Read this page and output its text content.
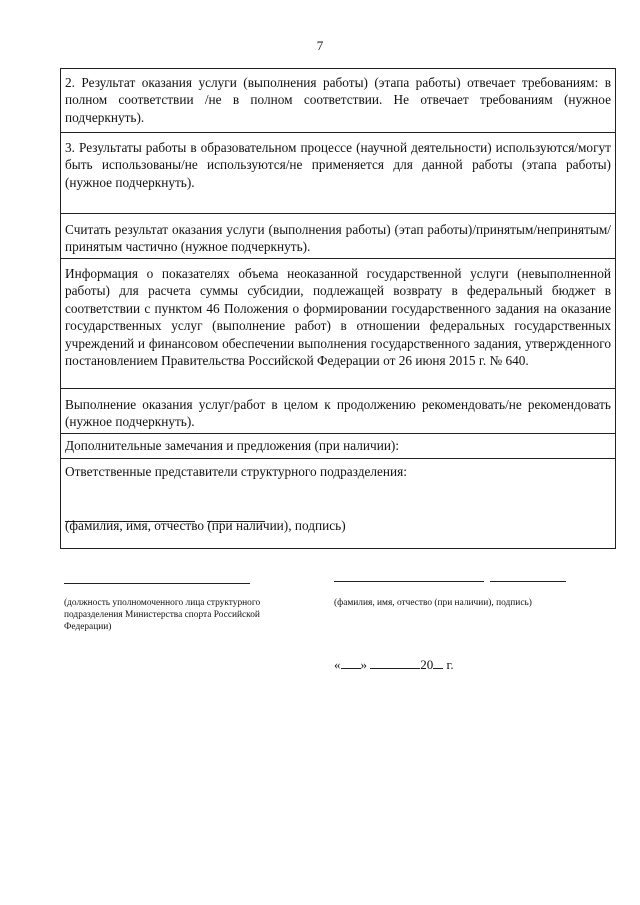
7
2. Результат оказания услуги (выполнения работы) (этапа работы) отвечает требованиям: в полном соответствии /не в полном соответствии. Не отвечает требованиям (нужное подчеркнуть).
3. Результаты работы в образовательном процессе (научной деятельности) используются/могут быть использованы/не используются/не применяется для данной работы (этапа работы) (нужное подчеркнуть).
Считать результат оказания услуги (выполнения работы) (этап работы)/принятым/непринятым/принятым частично (нужное подчеркнуть).
Информация о показателях объема неоказанной государственной услуги (невыполненной работы) для расчета суммы субсидии, подлежащей возврату в федеральный бюджет в соответствии с пунктом 46 Положения о формировании государственного задания на оказание государственных услуг (выполнение работ) в отношении федеральных государственных учреждений и финансовом обеспечении выполнения государственного задания, утвержденного постановлением Правительства Российской Федерации от 26 июня 2015 г. № 640.
Выполнение оказания услуг/работ в целом к продолжению рекомендовать/не рекомендовать (нужное подчеркнуть).
Дополнительные замечания и предложения (при наличии):
Ответственные представители структурного подразделения:
(фамилия, имя, отчество (при наличии), подпись)
(должность уполномоченного лица структурного подразделения Министерства спорта Российской Федерации)
(фамилия, имя, отчество (при наличии), подпись)
« »	20 г.
